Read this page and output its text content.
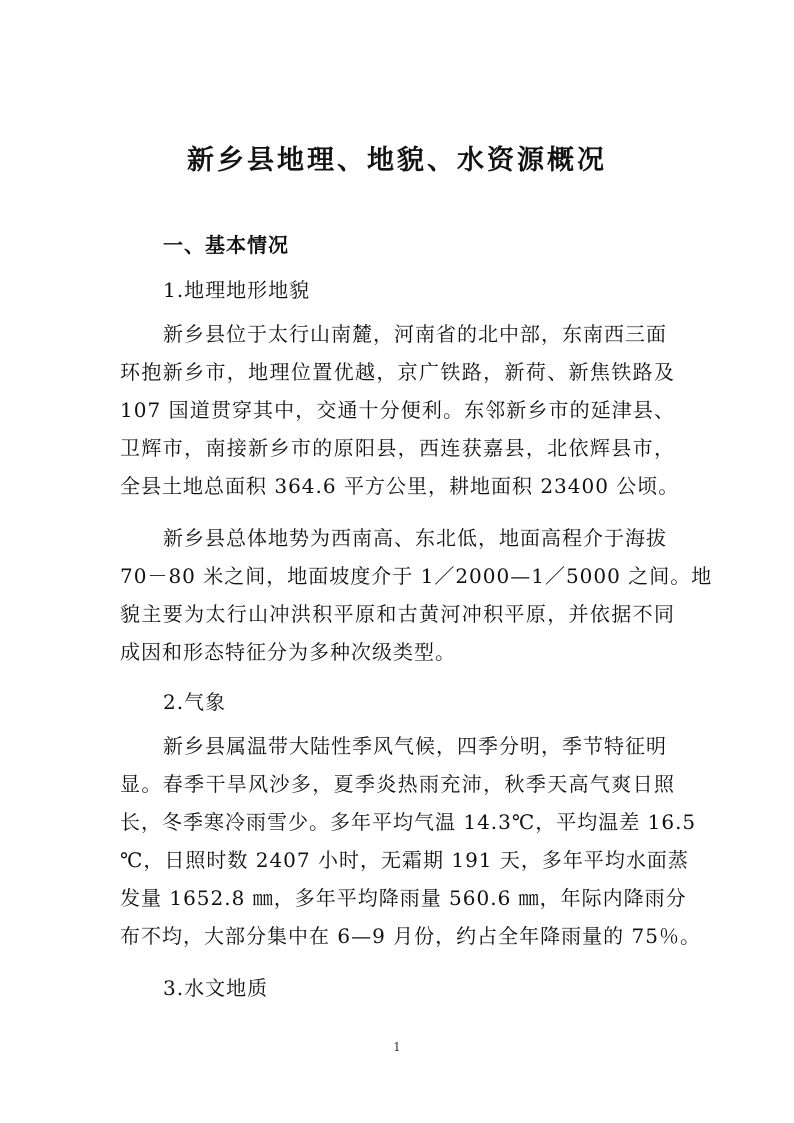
新乡县地理、地貌、水资源概况
一、基本情况
1.地理地形地貌
新乡县位于太行山南麓，河南省的北中部，东南西三面
环抱新乡市，地理位置优越，京广铁路，新荷、新焦铁路及
107 国道贯穿其中，交通十分便利。东邻新乡市的延津县、
卫辉市，南接新乡市的原阳县，西连获嘉县，北依辉县市，
全县土地总面积 364.6 平方公里，耕地面积 23400 公顷。
新乡县总体地势为西南高、东北低，地面高程介于海拔
70－80 米之间，地面坡度介于 1／2000—1／5000 之间。地
貌主要为太行山冲洪积平原和古黄河冲积平原，并依据不同
成因和形态特征分为多种次级类型。
2.气象
新乡县属温带大陆性季风气候，四季分明，季节特征明
显。春季干旱风沙多，夏季炎热雨充沛，秋季天高气爽日照
长，冬季寒冷雨雪少。多年平均气温 14.3℃，平均温差 16.5
℃，日照时数 2407 小时，无霜期 191 天，多年平均水面蒸
发量 1652.8 ㎜，多年平均降雨量 560.6 ㎜，年际内降雨分
布不均，大部分集中在 6—9 月份，约占全年降雨量的 75％。
3.水文地质
1
